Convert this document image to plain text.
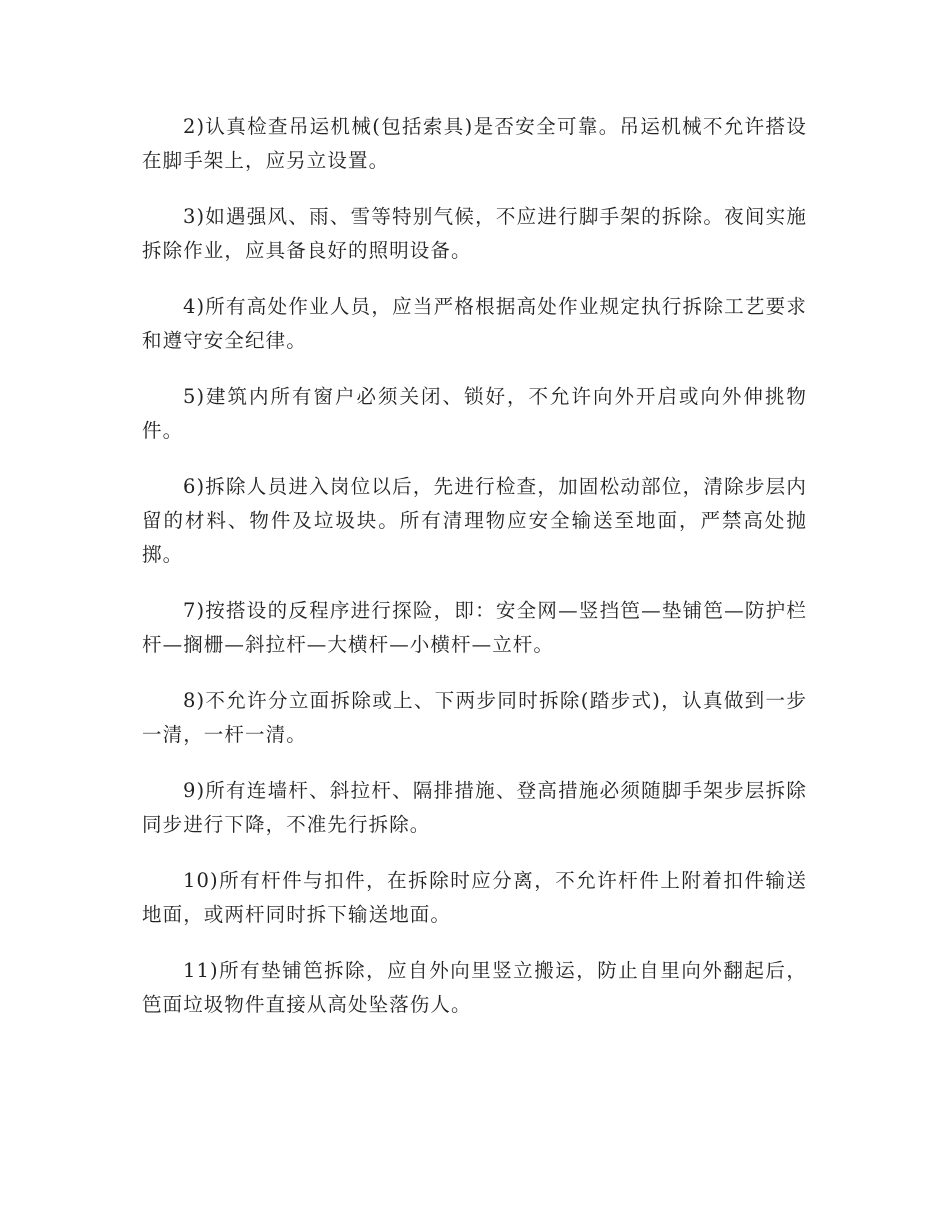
2)认真检查吊运机械(包括索具)是否安全可靠。吊运机械不允许搭设在脚手架上，应另立设置。

3)如遇强风、雨、雪等特别气候，不应进行脚手架的拆除。夜间实施拆除作业，应具备良好的照明设备。

4)所有高处作业人员，应当严格根据高处作业规定执行拆除工艺要求和遵守安全纪律。

5)建筑内所有窗户必须关闭、锁好，不允许向外开启或向外伸挑物件。

6)拆除人员进入岗位以后，先进行检查，加固松动部位，清除步层内留的材料、物件及垃圾块。所有清理物应安全输送至地面，严禁高处抛掷。

7)按搭设的反程序进行探险，即：安全网—竖挡笆—垫铺笆—防护栏杆—搁栅—斜拉杆—大横杆—小横杆—立杆。

8)不允许分立面拆除或上、下两步同时拆除(踏步式)，认真做到一步一清，一杆一清。

9)所有连墙杆、斜拉杆、隔排措施、登高措施必须随脚手架步层拆除同步进行下降，不准先行拆除。

10)所有杆件与扣件，在拆除时应分离，不允许杆件上附着扣件输送地面，或两杆同时拆下输送地面。

11)所有垫铺笆拆除，应自外向里竖立搬运，防止自里向外翻起后，笆面垃圾物件直接从高处坠落伤人。
